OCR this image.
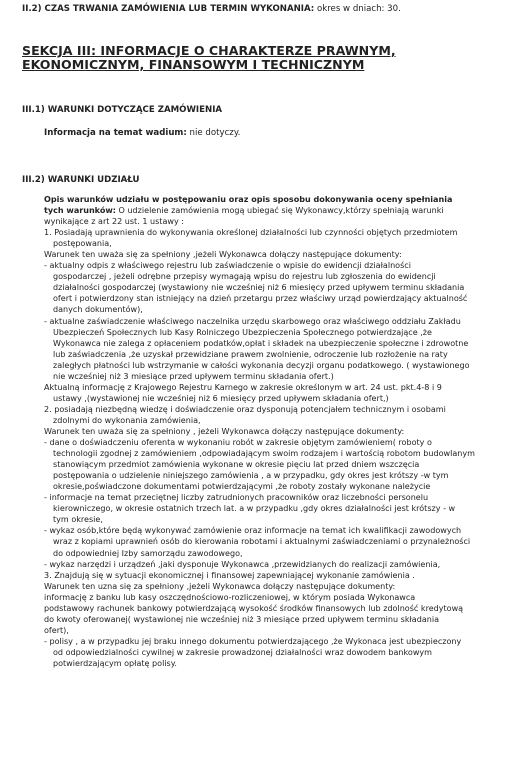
II.2) CZAS TRWANIA ZAMÓWIENIA LUB TERMIN WYKONANIA: okres w dniach: 30.
SEKCJA III: INFORMACJE O CHARAKTERZE PRAWNYM,
EKONOMICZNYM, FINANSOWYM I TECHNICZNYM
III.1) WARUNKI DOTYCZĄCE ZAMÓWIENIA
Informacja na temat wadium: nie dotyczy.
III.2) WARUNKI UDZIAŁU

Opis warunków udziału w postępowaniu oraz opis sposobu dokonywania oceny spełniania

tych warunków: O udzielenie zamówienia mogą ubiegać się Wykonawcy,którzy spełniają warunki

wynikające z art 22 ust. 1 ustawy :

1. Posiadają uprawnienia do wykonywania określonej działalności lub czynności objętych przedmiotem

postępowania,

Warunek ten uważa się za spełniony ,jeżeli Wykonawca dołączy następujące dokumenty:

- aktualny odpis z właściwego rejestru lub zaświadczenie o wpisie do ewidencji działalności

gospodarczej , jeżeli odrębne przepisy wymagają wpisu do rejestru lub zgłoszenia do ewidencji

działalności gospodarczej (wystawiony nie wcześniej niż 6 miesięcy przed upływem terminu składania

ofert i potwierdzony stan istniejący na dzień przetargu przez właściwy urząd powierdzający aktualność

danych dokumentów),

- aktualne zaświadczenie właściwego naczelnika urzędu skarbowego oraz właściwego oddziału Zakładu

Ubezpieczeń Społecznych lub Kasy Rolniczego Ubezpieczenia Społecznego potwierdzające ,że

Wykonawca nie zalega z opłaceniem podatków,opłat i składek na ubezpieczenie społeczne i zdrowotne

lub zaświadczenia ,że uzyskał przewidziane prawem zwolnienie, odroczenie lub rozłożenie na raty

zaległych płatności lub wstrzymanie w całości wykonania decyzji organu podatkowego. ( wystawionego

nie wcześniej niż 3 miesiące przed upływem terminu składania ofert.)

Aktualną informację z Krajowego Rejestru Karnego w zakresie określonym w art. 24 ust. pkt.4-8 i 9

ustawy ,(wystawionej nie wcześniej niż 6 miesięcy przed upływem składania ofert,)

2. posiadają niezbędną wiedzę i doświadczenie oraz dysponują potencjałem technicznym i osobami

zdolnymi do wykonania zamówienia,

Warunek ten uważa się za spełniony , jeżeli Wykonawca dołączy następujące dokumenty:

- dane o doświadczeniu oferenta w wykonaniu robót w zakresie objętym zamówieniem( roboty o

technologii zgodnej z zamówieniem ,odpowiadającym swoim rodzajem i wartością robotom budowlanym

stanowiącym przedmiot zamówienia wykonane w okresie pięciu lat przed dniem wszczęcia

postępowania o udzielenie niniejszego zamówienia , a w przypadku, gdy okres jest krótszy -w tym

okresie,poświadczone dokumentami potwierdzającymi ,że roboty zostały wykonane należycie

- informacje na temat przeciętnej liczby zatrudnionych pracowników oraz liczebności personelu

kierowniczego, w okresie ostatnich trzech lat. a w przypadku ,gdy okres działalności jest krótszy - w

tym okresie,

- wykaz osób,które będą wykonywać zamówienie oraz informacje na temat ich kwalifikacji zawodowych

wraz z kopiami uprawnień osób do kierowania robotami i aktualnymi zaświadczeniami o przynależności

do odpowiedniej Izby samorządu zawodowego,

- wykaz narzędzi i urządzeń ,jaki dysponuje Wykonawca ,przewidzianych do realizacji zamówienia,

3. Znajdują się w sytuacji ekonomicznej i finansowej zapewniającej wykonanie zamówienia .

Warunek ten uzna się za spełniony ,jeżeli Wykonawca dołączy następujące dokumenty:

informację z banku lub kasy oszczędnościowo-rozliczeniowej, w którym posiada Wykonawca

podstawowy rachunek bankowy potwierdzającą wysokość środków finansowych lub zdolność kredytową

do kwoty oferowanej( wystawionej nie wcześniej niż 3 miesiące przed upływem terminu składania

ofert),

- polisy , a w przypadku jej braku innego dokumentu potwierdzającego ,że Wykonaca jest ubezpieczony

od odpowiedzialności cywilnej w zakresie prowadzonej działalności wraz dowodem bankowym

potwierdzającym opłatę polisy.
